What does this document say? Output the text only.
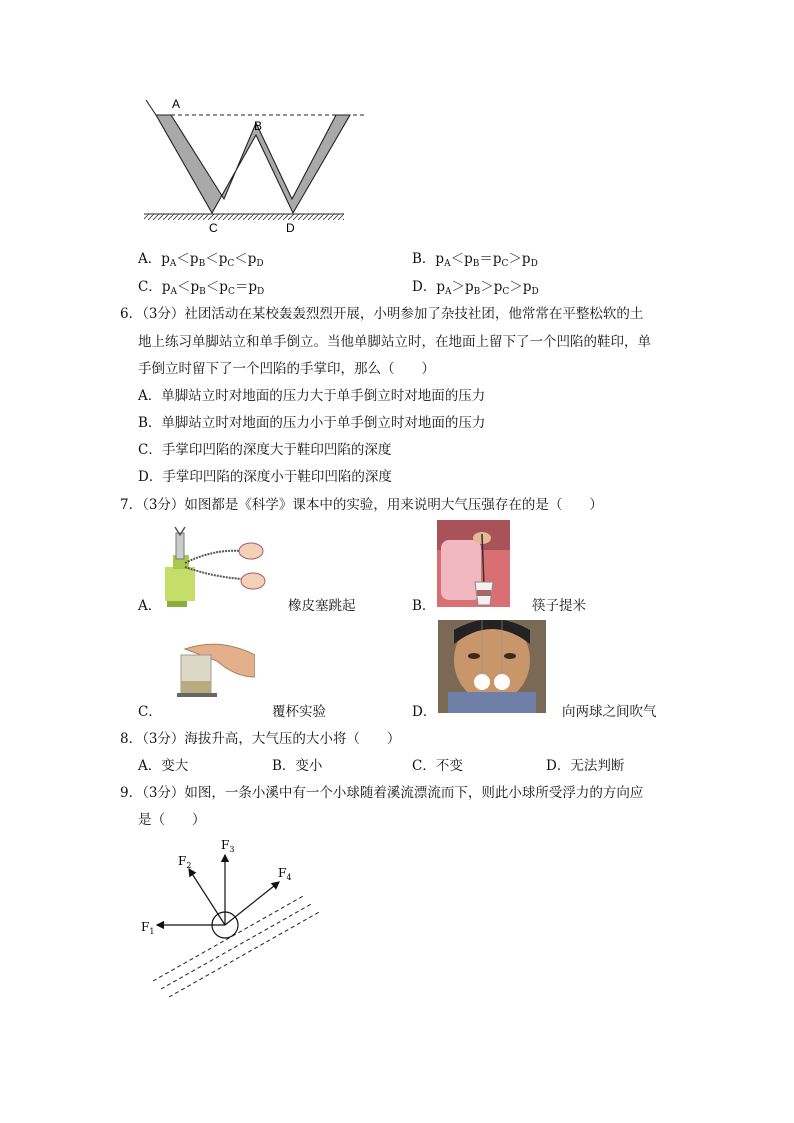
A
B
C	D
A．$p_A<p_B<p_C<p_D$	B．$p_A<p_B=p_C>p_D$
C．$p_A<p_B<p_C=p_D$	D．$p_A>p_B>p_C>p_D$
6．（3分）社团活动在某校轰轰烈烈开展，小明参加了杂技社团，他常常在平整松软的土
地上练习单脚站立和单手倒立。当他单脚站立时，在地面上留下了一个凹陷的鞋印，单
手倒立时留下了一个凹陷的手掌印，那么（　　）
A．单脚站立时对地面的压力大于单手倒立时对地面的压力
B．单脚站立时对地面的压力小于单手倒立时对地面的压力
C．手掌印凹陷的深度大于鞋印凹陷的深度
D．手掌印凹陷的深度小于鞋印凹陷的深度
7．（3分）如图都是《科学》课本中的实验，用来说明大气压强存在的是（　　）
A．	橡皮塞跳起	B．	筷子提米
C．	覆杯实验	D．	向两球之间吹气
8．（3分）海拔升高，大气压的大小将（　　）
A．变大	B．变小	C．不变	D．无法判断
9．（3分）如图，一条小溪中有一个小球随着溪流漂流而下，则此小球所受浮力的方向应
是（　　）
$F_1$
$F_2$
$F_3$
$F_4$
